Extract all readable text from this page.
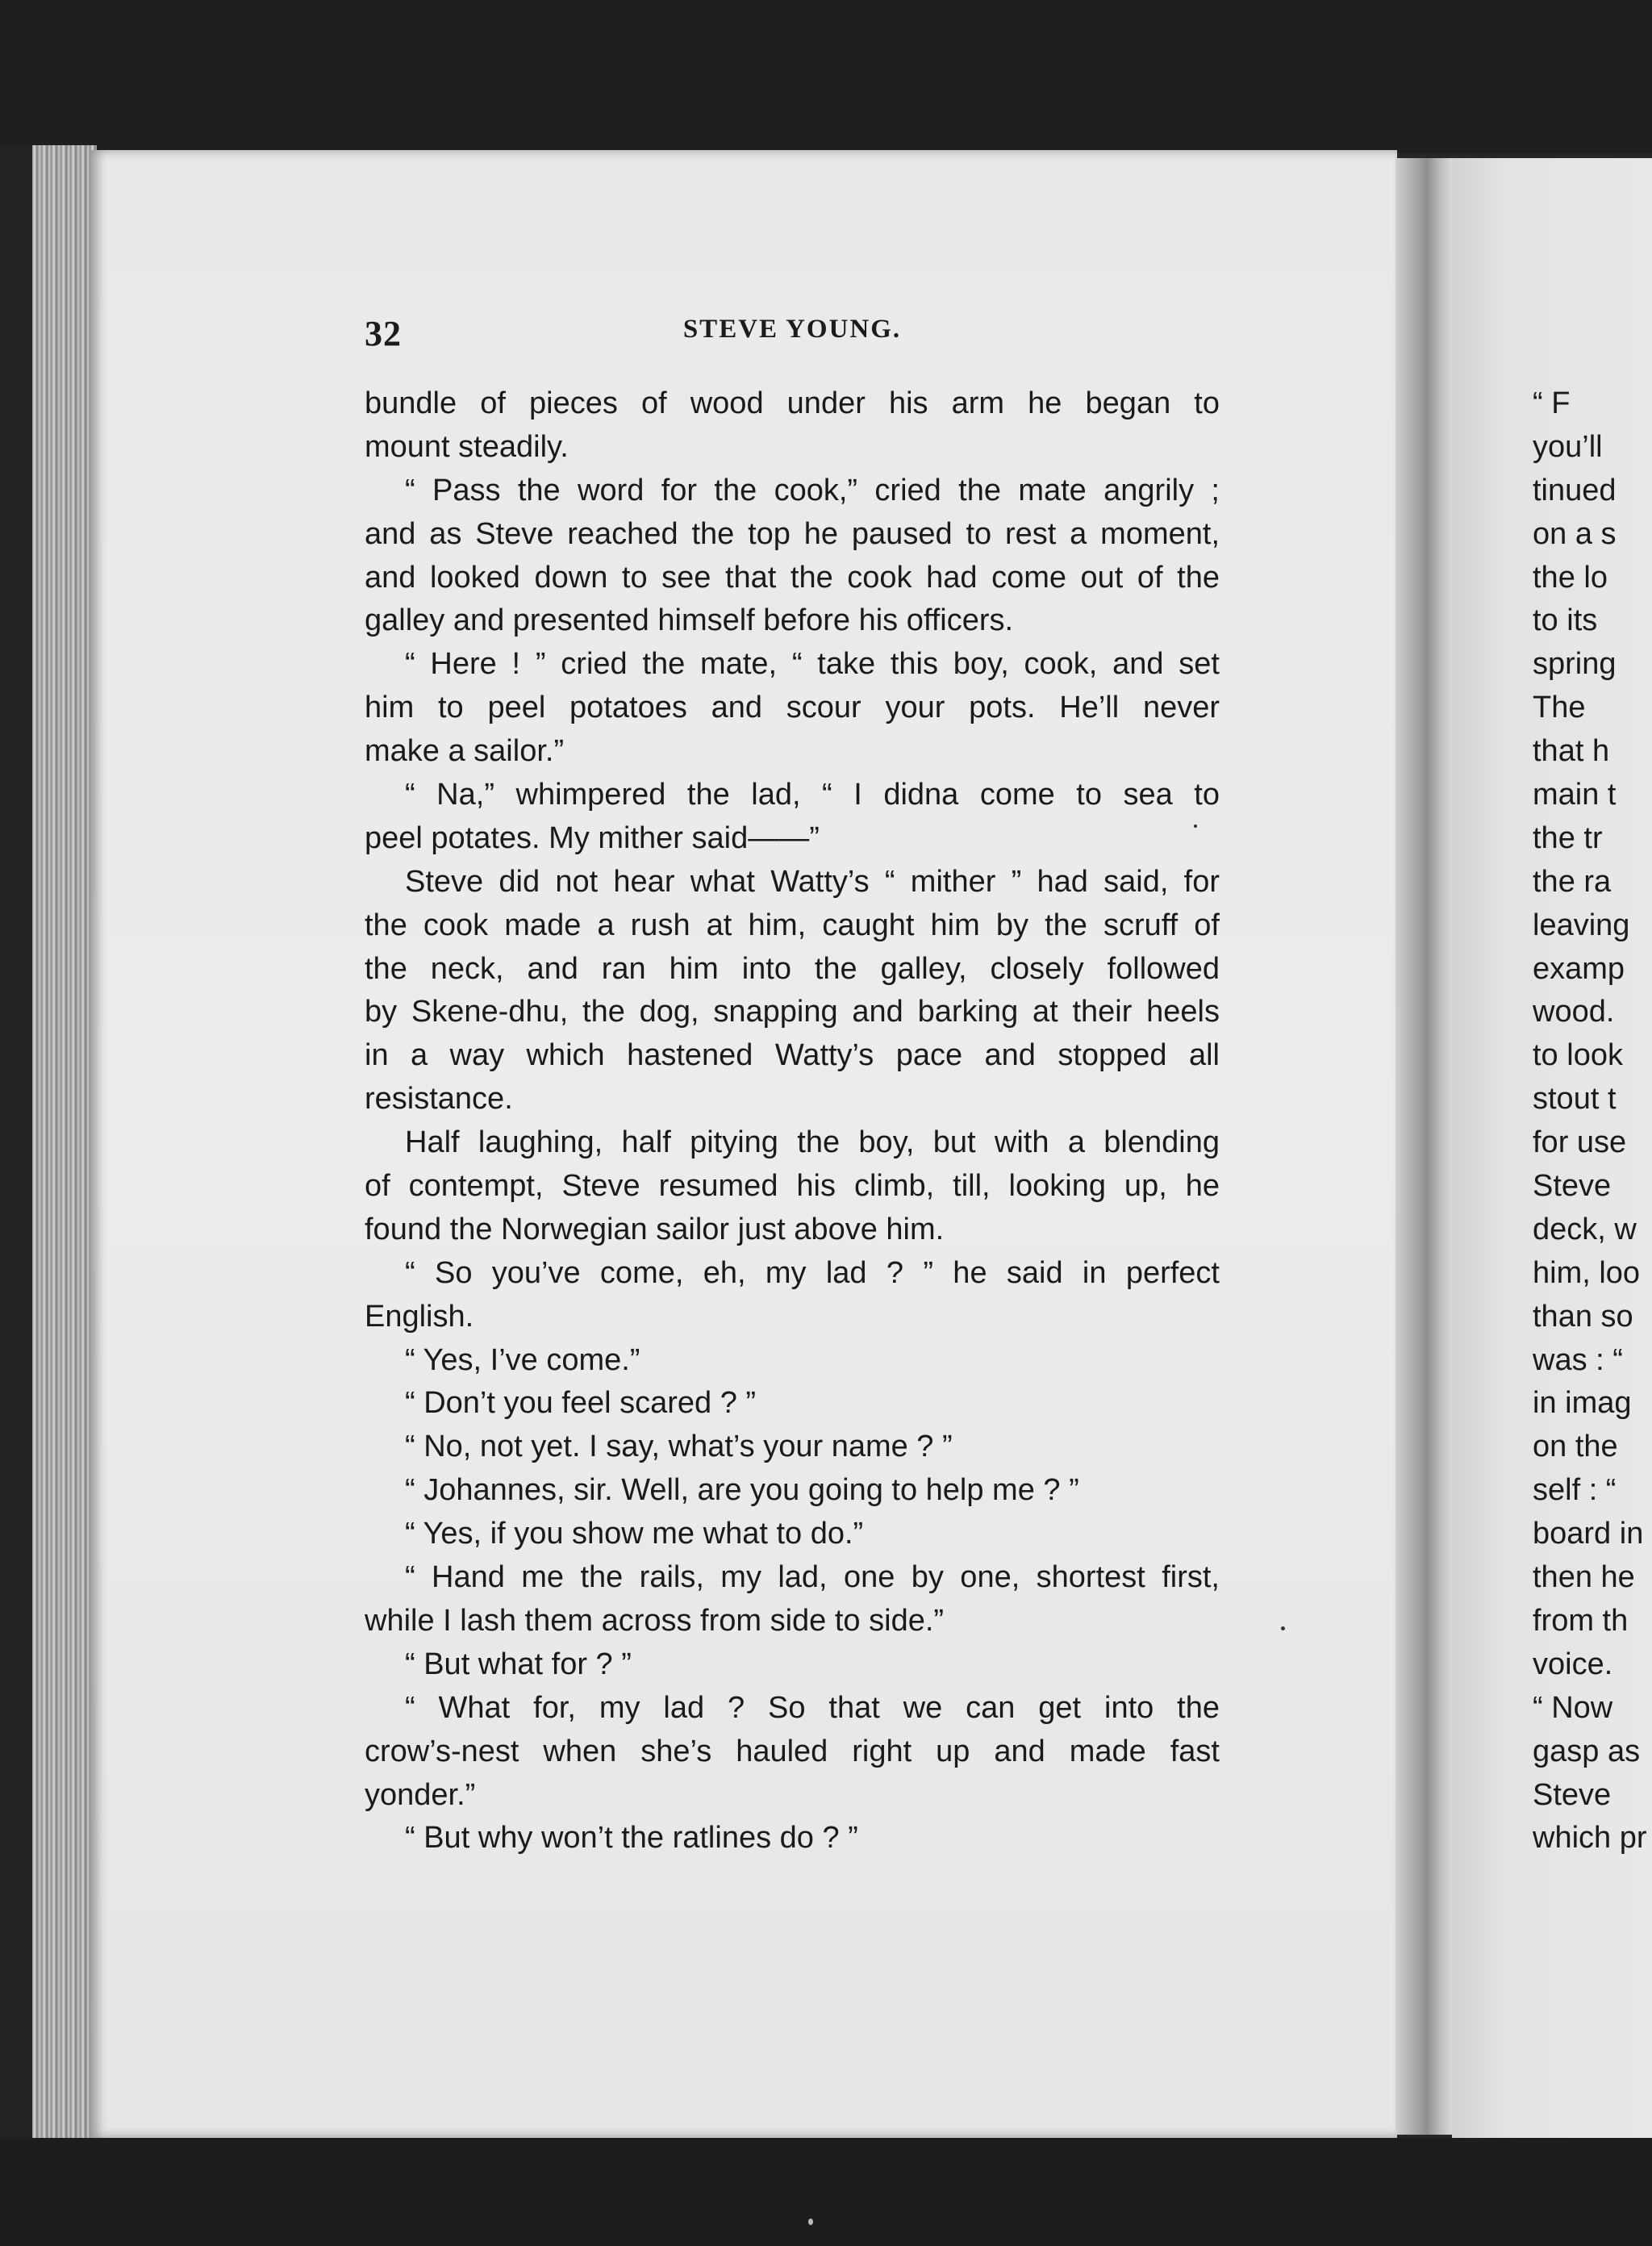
32	STEVE YOUNG.
bundle of pieces of wood under his arm he began to
mount steadily.
“ Pass the word for the cook,” cried the mate angrily ;
and as Steve reached the top he paused to rest a moment,
and looked down to see that the cook had come out of the
galley and presented himself before his officers.
“ Here ! ” cried the mate, “ take this boy, cook, and set
him to peel potatoes and scour your pots. He’ll never
make a sailor.”
“ Na,” whimpered the lad, “ I didna come to sea to
peel potates. My mither said——”
Steve did not hear what Watty’s “ mither ” had said, for
the cook made a rush at him, caught him by the scruff of
the neck, and ran him into the galley, closely followed
by Skene-dhu, the dog, snapping and barking at their heels
in a way which hastened Watty’s pace and stopped all
resistance.
Half laughing, half pitying the boy, but with a blending
of contempt, Steve resumed his climb, till, looking up, he
found the Norwegian sailor just above him.
“ So you’ve come, eh, my lad ? ” he said in perfect
English.
“ Yes, I’ve come.”
“ Don’t you feel scared ? ”
“ No, not yet. I say, what’s your name ? ”
“ Johannes, sir. Well, are you going to help me ? ”
“ Yes, if you show me what to do.”
“ Hand me the rails, my lad, one by one, shortest first,
while I lash them across from side to side.”
“ But what for ? ”
“ What for, my lad ? So that we can get into the
crow’s-nest when she’s hauled right up and made fast
yonder.”
“ But why won’t the ratlines do ? ”
“ F
you’ll
tinued
on a s
the lo
to its
spring
The
that h
main t
the tr
the ra
leaving
examp
wood.
to look
stout t
for use
Steve
deck, w
him, loo
than so
was : “
in imag
on the
self : “
board in
then he
from th
voice.
“ Now
gasp as
Steve
which pr
